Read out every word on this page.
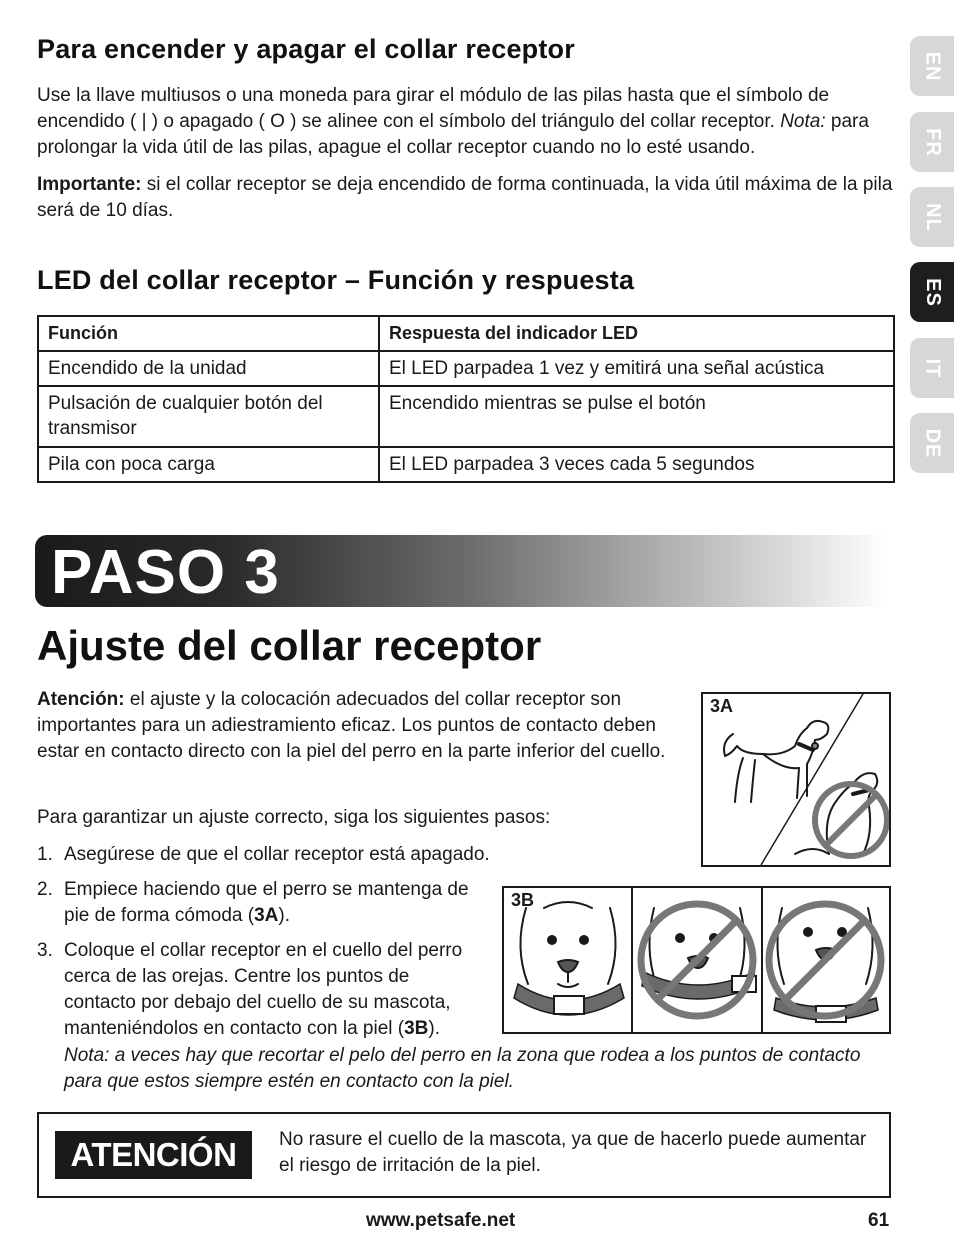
Para encender y apagar el collar receptor

Use la llave multiusos o una moneda para girar el módulo de las pilas hasta que el símbolo de encendido ( | ) o apagado ( O ) se alinee con el símbolo del triángulo del collar receptor. Nota: para prolongar la vida útil de las pilas, apague el collar receptor cuando no lo esté usando.

Importante: si el collar receptor se deja encendido de forma continuada, la vida útil máxima de la pila será de 10 días.

LED del collar receptor – Función y respuesta
Función	Respuesta del indicador LED
Encendido de la unidad	El LED parpadea 1 vez y emitirá una señal acústica
Pulsación de cualquier botón del transmisor	Encendido mientras se pulse el botón
Pila con poca carga	El LED parpadea 3 veces cada 5 segundos
EN
FR
NL
ES
IT
DE
PASO 3
Ajuste del collar receptor

Atención: el ajuste y la colocación adecuados del collar receptor son importantes para un adiestramiento eficaz. Los puntos de contacto deben estar en contacto directo con la piel del perro en la parte inferior del cuello.

Para garantizar un ajuste correcto, siga los siguientes pasos:

1. Asegúrese de que el collar receptor está apagado.
2. Empiece haciendo que el perro se mantenga de pie de forma cómoda (3A).
3. Coloque el collar receptor en el cuello del perro cerca de las orejas. Centre los puntos de contacto por debajo del cuello de su mascota, manteniéndolos en contacto con la piel (3B).

Nota: a veces hay que recortar el pelo del perro en la zona que rodea a los puntos de contacto para que estos siempre estén en contacto con la piel.

3A
3B
ATENCIÓN No rasure el cuello de la mascota, ya que de hacerlo puede aumentar el riesgo de irritación de la piel.
www.petsafe.net	61
